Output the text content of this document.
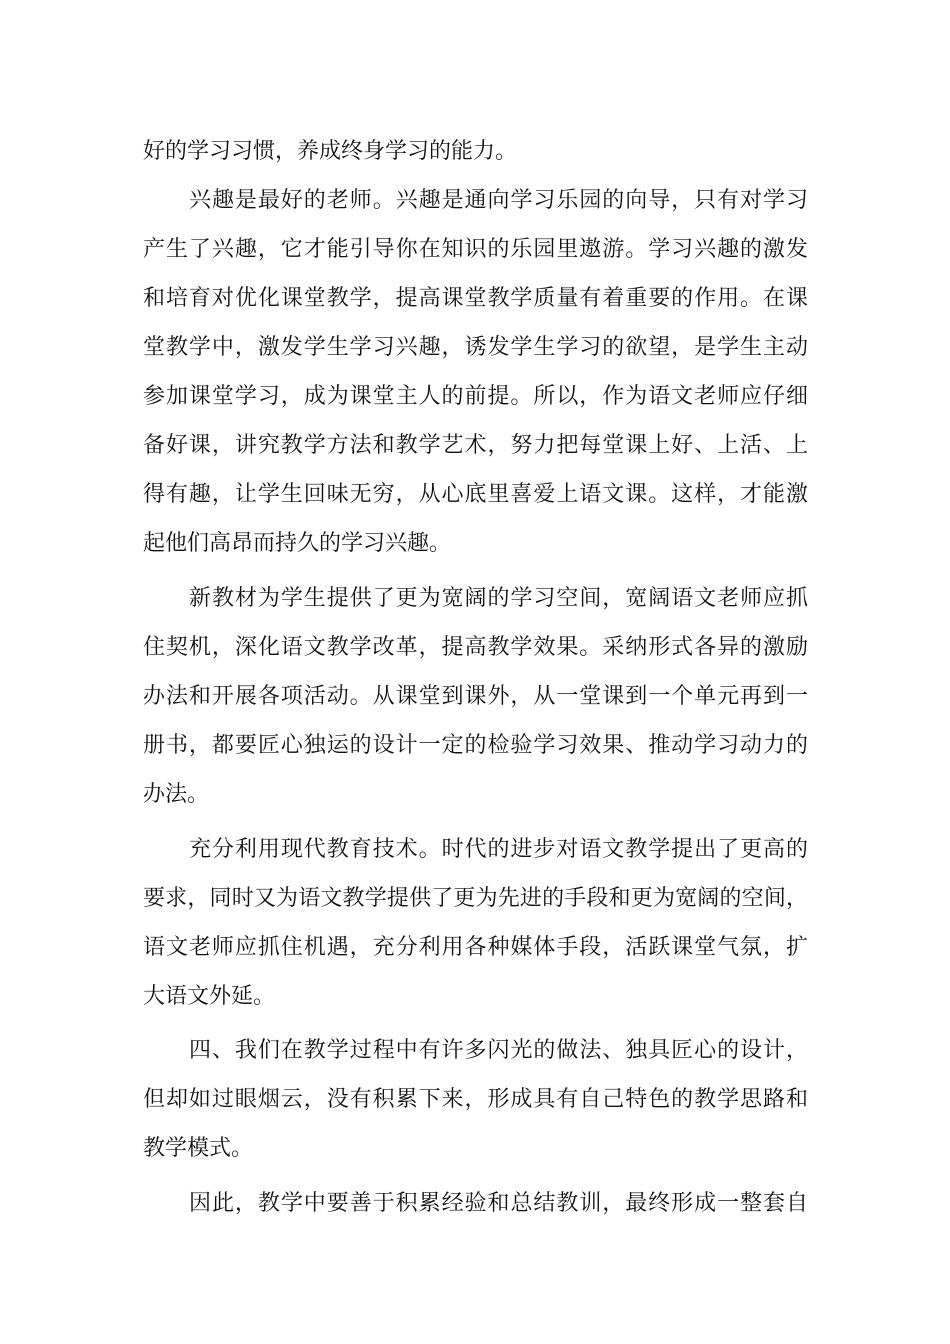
好的学习习惯，养成终身学习的能力。
兴趣是最好的老师。兴趣是通向学习乐园的向导，只有对学习
产生了兴趣，它才能引导你在知识的乐园里遨游。学习兴趣的激发
和培育对优化课堂教学，提高课堂教学质量有着重要的作用。在课
堂教学中，激发学生学习兴趣，诱发学生学习的欲望，是学生主动
参加课堂学习，成为课堂主人的前提。所以，作为语文老师应仔细
备好课，讲究教学方法和教学艺术，努力把每堂课上好、上活、上
得有趣，让学生回味无穷，从心底里喜爱上语文课。这样，才能激
起他们高昂而持久的学习兴趣。
新教材为学生提供了更为宽阔的学习空间，宽阔语文老师应抓
住契机，深化语文教学改革，提高教学效果。采纳形式各异的激励
办法和开展各项活动。从课堂到课外，从一堂课到一个单元再到一
册书，都要匠心独运的设计一定的检验学习效果、推动学习动力的
办法。
充分利用现代教育技术。时代的进步对语文教学提出了更高的
要求，同时又为语文教学提供了更为先进的手段和更为宽阔的空间，
语文老师应抓住机遇，充分利用各种媒体手段，活跃课堂气氛，扩
大语文外延。
四、我们在教学过程中有许多闪光的做法、独具匠心的设计，
但却如过眼烟云，没有积累下来，形成具有自己特色的教学思路和
教学模式。
因此，教学中要善于积累经验和总结教训，最终形成一整套自
